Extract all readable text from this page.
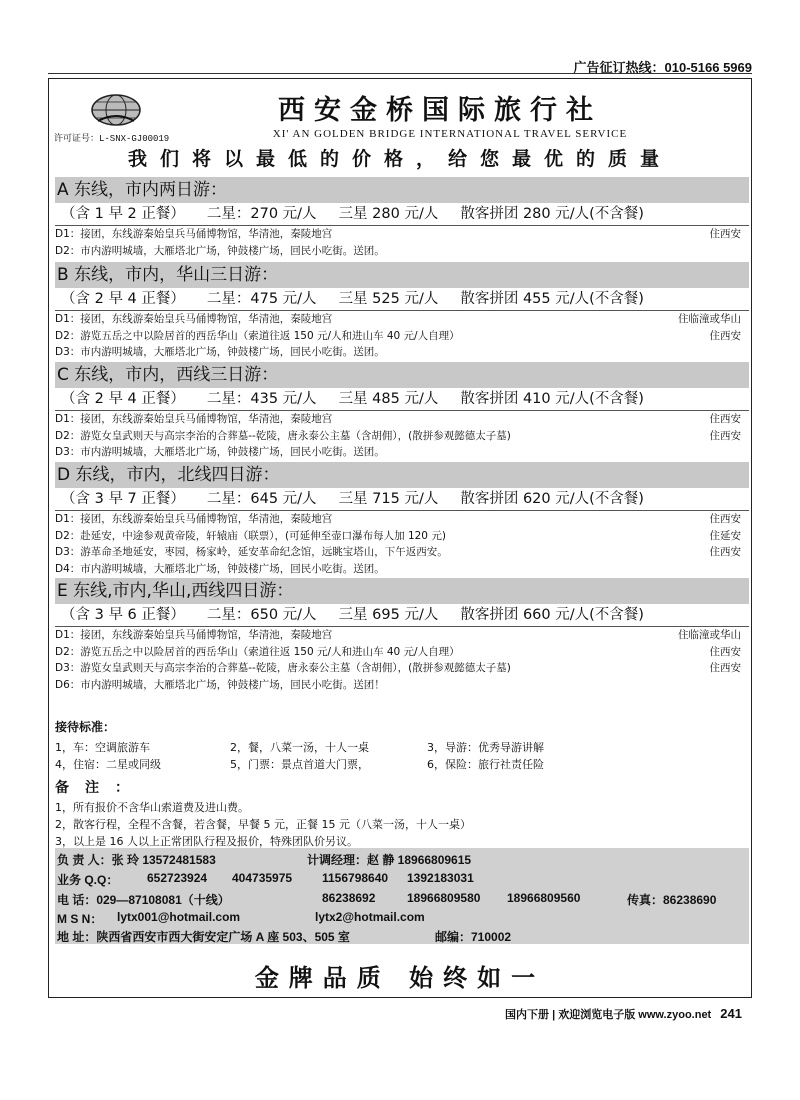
广告征订热线：010-5166 5969
西安金桥国际旅行社
许可证号：L-SNX-GJ00019	XI' AN GOLDEN BRIDGE INTERNATIONAL TRAVEL SERVICE
我们将以最低的价格，给您最优的质量
A 东线，市内两日游：
（含 1 早 2 正餐） 二星：270 元/人 三星 280 元/人 散客拼团 280 元/人(不含餐)
D1：接团，东线游秦始皇兵马俑博物馆，华清池，秦陵地宫	住西安
D2：市内游明城墙，大雁塔北广场，钟鼓楼广场，回民小吃街。送团。
B 东线，市内，华山三日游：
（含 2 早 4 正餐） 二星：475 元/人 三星 525 元/人 散客拼团 455 元/人(不含餐)
D1：接团，东线游秦始皇兵马俑博物馆，华清池，秦陵地宫	住临潼或华山
D2：游览五岳之中以险居首的西岳华山（索道往返 150 元/人和进山车 40 元/人自理）	住西安
D3：市内游明城墙，大雁塔北广场，钟鼓楼广场，回民小吃街。送团。
C 东线，市内，西线三日游：
（含 2 早 4 正餐） 二星：435 元/人 三星 485 元/人 散客拼团 410 元/人(不含餐)
D1：接团，东线游秦始皇兵马俑博物馆，华清池，秦陵地宫	住西安
D2：游览女皇武则天与高宗李治的合葬墓--乾陵，唐永泰公主墓（含胡佣），(散拼参观懿德太子墓)	住西安
D3：市内游明城墙，大雁塔北广场，钟鼓楼广场，回民小吃街。送团。
D 东线，市内，北线四日游：
（含 3 早 7 正餐） 二星：645 元/人 三星 715 元/人 散客拼团 620 元/人(不含餐)
D1：接团，东线游秦始皇兵马俑博物馆，华清池，秦陵地宫	住西安
D2：赴延安，中途参观黄帝陵，轩辕庙（联票），(可延伸至壶口瀑布每人加 120 元)	住延安
D3：游革命圣地延安，枣园，杨家岭，延安革命纪念馆，远眺宝塔山，下午返西安。	住西安
D4：市内游明城墙，大雁塔北广场，钟鼓楼广场，回民小吃街。送团。
E 东线,市内,华山,西线四日游：
（含 3 早 6 正餐） 二星：650 元/人 三星 695 元/人 散客拼团 660 元/人(不含餐)
D1：接团，东线游秦始皇兵马俑博物馆，华清池，秦陵地宫	住临潼或华山
D2：游览五岳之中以险居首的西岳华山（索道往返 150 元/人和进山车 40 元/人自理）	住西安
D3：游览女皇武则天与高宗李治的合葬墓--乾陵，唐永泰公主墓（含胡佣），(散拼参观懿德太子墓)	住西安
D6：市内游明城墙，大雁塔北广场，钟鼓楼广场，回民小吃街。送团！
接待标准：
1，车：空调旅游车	2，餐，八菜一汤，十人一桌	3，导游：优秀导游讲解
4，住宿：二星或同级	5，门票：景点首道大门票，	6，保险：旅行社责任险
备注：
1，所有报价不含华山索道费及进山费。
2，散客行程，全程不含餐，若含餐，早餐 5 元，正餐 15 元（八菜一汤，十人一桌）
3，以上是 16 人以上正常团队行程及报价，特殊团队价另议。
负 责 人：张 玲 13572481583	计调经理：赵 静 18966809615
业务 Q.Q： 652723924 404735975 1156798640 1392183031
电 话：029—87108081（十线）	86238692	18966809580 18966809560	传真：86238690
M S N： lytx001@hotmail.com	lytx2@hotmail.com
地 址：陕西省西安市西大街安定广场 A 座 503、505 室	邮编：710002
金牌品质 始终如一
国内下册 | 欢迎浏览电子版 www.zyoo.net 241
